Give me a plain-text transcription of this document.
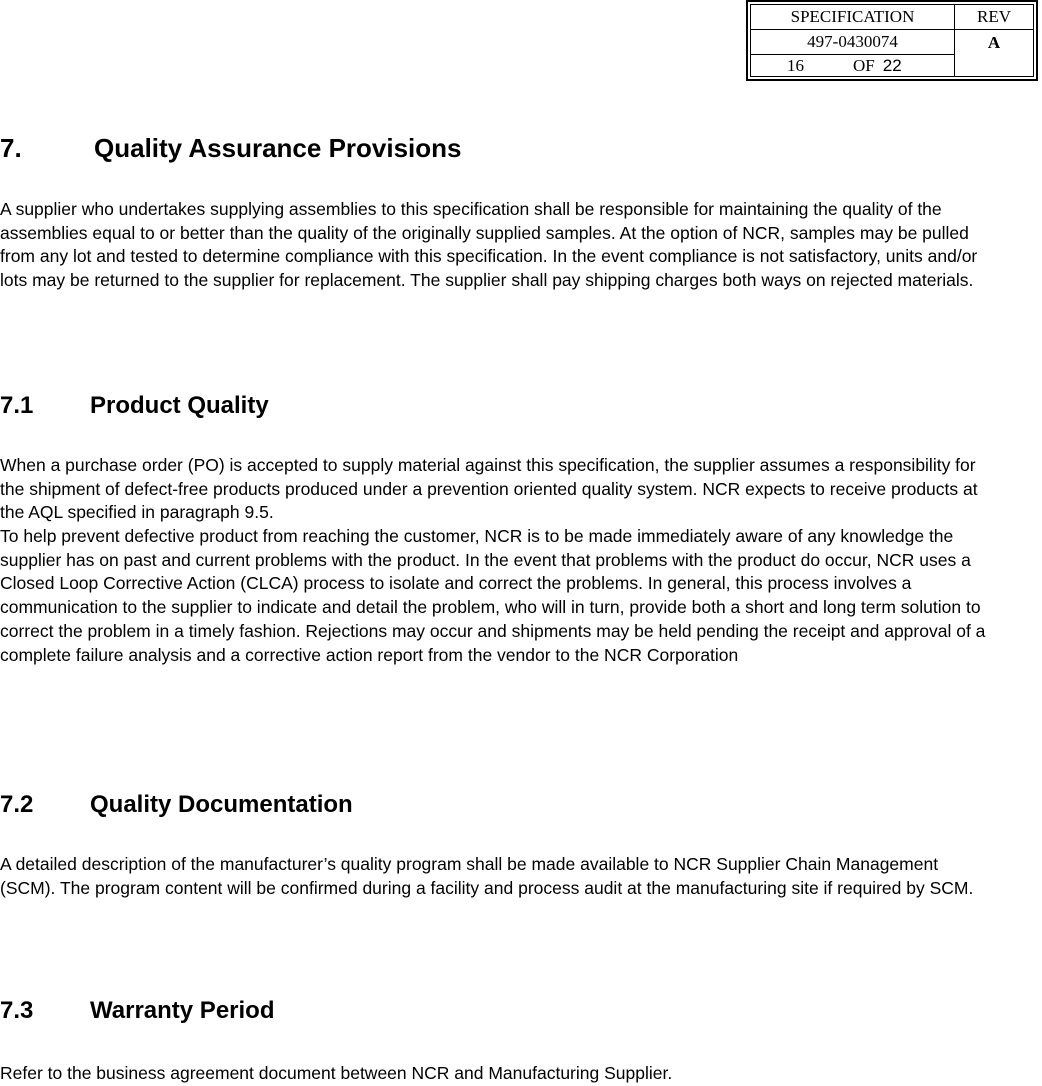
SPECIFICATION	REV
497-0430074	A
16	OF 22
7.	Quality Assurance Provisions

A supplier who undertakes supplying assemblies to this specification shall be responsible for maintaining the quality of the assemblies equal to or better than the quality of the originally supplied samples. At the option of NCR, samples may be pulled from any lot and tested to determine compliance with this specification. In the event compliance is not satisfactory, units and/or lots may be returned to the supplier for replacement. The supplier shall pay shipping charges both ways on rejected materials.

7.1 Product Quality

When a purchase order (PO) is accepted to supply material against this specification, the supplier assumes a responsibility for the shipment of defect-free products produced under a prevention oriented quality system. NCR expects to receive products at the AQL specified in paragraph 9.5.

To help prevent defective product from reaching the customer, NCR is to be made immediately aware of any knowledge the supplier has on past and current problems with the product. In the event that problems with the product do occur, NCR uses a Closed Loop Corrective Action (CLCA) process to isolate and correct the problems. In general, this process involves a communication to the supplier to indicate and detail the problem, who will in turn, provide both a short and long term solution to correct the problem in a timely fashion. Rejections may occur and shipments may be held pending the receipt and approval of a complete failure analysis and a corrective action report from the vendor to the NCR Corporation

7.2 Quality Documentation

A detailed description of the manufacturer’s quality program shall be made available to NCR Supplier Chain Management (SCM). The program content will be confirmed during a facility and process audit at the manufacturing site if required by SCM.

7.3 Warranty Period

Refer to the business agreement document between NCR and Manufacturing Supplier.
